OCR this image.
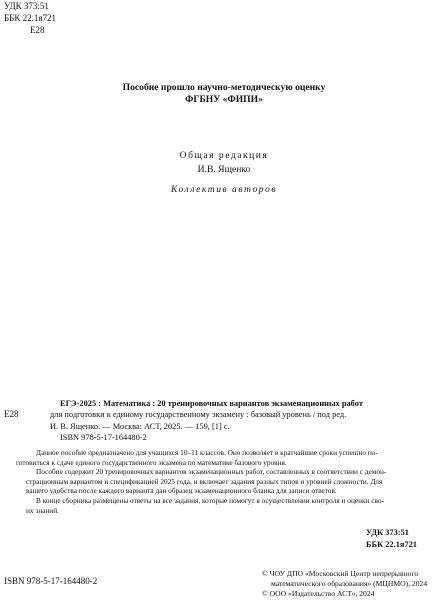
УДК 373:51
ББК 22.1я721
Е28
Пособие прошло научно-методическую оценку
ФГБНУ «ФИПИ»
Общая редакция
И.В. Ященко
Коллектив авторов
Е28
ЕГЭ-2025 : Математика : 20 тренировочных вариантов экзаменационных работ
для подготовки к единому государственному экзамену : базовый уровень / под ред.
И. В. Ященко. — Москва: АСТ, 2025. — 159, [1] с.
ISBN 978-5-17-164480-2

Данное пособие предназначено для учащихся 10–11 классов. Оно позволяет в кратчайшие сроки успешно по-
готовиться к сдаче единого государственного экзамена по математике базового уровня.

Пособие содержит 20 тренировочных вариантов экзаменационных работ, составленных в соответствии с демон-
страционным вариантом и спецификацией 2025 года, и включает задания разных типов и уровней сложности. Для
вашего удобства после каждого варианта дан образец экзаменационного бланка для записи ответов.

В конце сборника размещены ответы на все задания, которые помогут в осуществлении контроля и оценки сво-
их знаний.

УДК 373:51
ББК 22.1я721
ISBN 978-5-17-164480-2
© ЧОУ ДПО «Московский Центр непрерывного
математического образования» (МЦНМО), 2024
© ООО «Издательство АСТ», 2024
